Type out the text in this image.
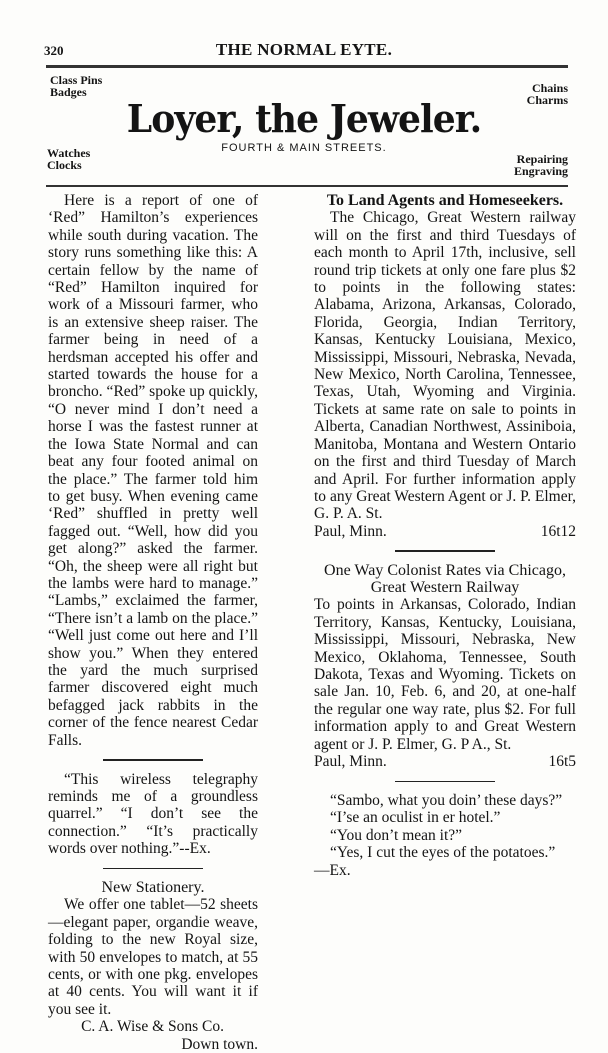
320	THE NORMAL EYTE.
Class Pins
Badges	Chains
Charms
Loyer, the Jeweler.
FOURTH & MAIN STREETS.
Watches
Clocks	Repairing
Engraving

Here is a report of one of ‘Red” Hamilton’s experiences while south during vacation. The story runs something like this: A certain fellow by the name of “Red” Hamilton inquired for work of a Missouri farmer, who is an extensive sheep raiser. The farmer being in need of a herdsman accepted his offer and started towards the house for a broncho. “Red” spoke up quickly, “O never mind I don’t need a horse I was the fastest runner at the Iowa State Normal and can beat any four footed animal on the place.” The farmer told him to get busy. When evening came ‘Red” shuffled in pretty well fagged out. “Well, how did you get along?” asked the farmer. “Oh, the sheep were all right but the lambs were hard to manage.” “Lambs,” exclaimed the farmer, “There isn’t a lamb on the place.” “Well just come out here and I’ll show you.” When they entered the yard the much surprised farmer discovered eight much befagged jack rabbits in the corner of the fence nearest Cedar Falls.

“This wireless telegraphy reminds me of a groundless quarrel.” “I don’t see the connection.” “It’s practically words over nothing.”--Ex.

New Stationery.

We offer one tablet—52 sheets—elegant paper, organdie weave, folding to the new Royal size, with 50 envelopes to match, at 55 cents, or with one pkg. envelopes at 40 cents. You will want it if you see it.

C. A. Wise & Sons Co.

Down town.

To Land Agents and Homeseekers.

The Chicago, Great Western railway will on the first and third Tuesdays of each month to April 17th, inclusive, sell round trip tickets at only one fare plus $2 to points in the following states: Alabama, Arizona, Arkansas, Colorado, Florida, Georgia, Indian Territory, Kansas, Kentucky Louisiana, Mexico, Mississippi, Missouri, Nebraska, Nevada, New Mexico, North Carolina, Tennessee, Texas, Utah, Wyoming and Virginia. Tickets at same rate on sale to points in Alberta, Canadian Northwest, Assiniboia, Manitoba, Montana and Western Ontario on the first and third Tuesday of March and April. For further information apply to any Great Western Agent or J. P. Elmer, G. P. A. St.

Paul, Minn.	16t12

One Way Colonist Rates via Chicago,

Great Western Railway

To points in Arkansas, Colorado, Indian Territory, Kansas, Kentucky, Louisiana, Mississippi, Missouri, Nebraska, New Mexico, Oklahoma, Tennessee, South Dakota, Texas and Wyoming. Tickets on sale Jan. 10, Feb. 6, and 20, at one-half the regular one way rate, plus $2. For full information apply to and Great Western agent or J. P. Elmer, G. P A., St.

Paul, Minn.	16t5

“Sambo, what you doin’ these days?”

“I’se an oculist in er hotel.”

“You don’t mean it?”

“Yes, I cut the eyes of the potatoes.”

—Ex.
